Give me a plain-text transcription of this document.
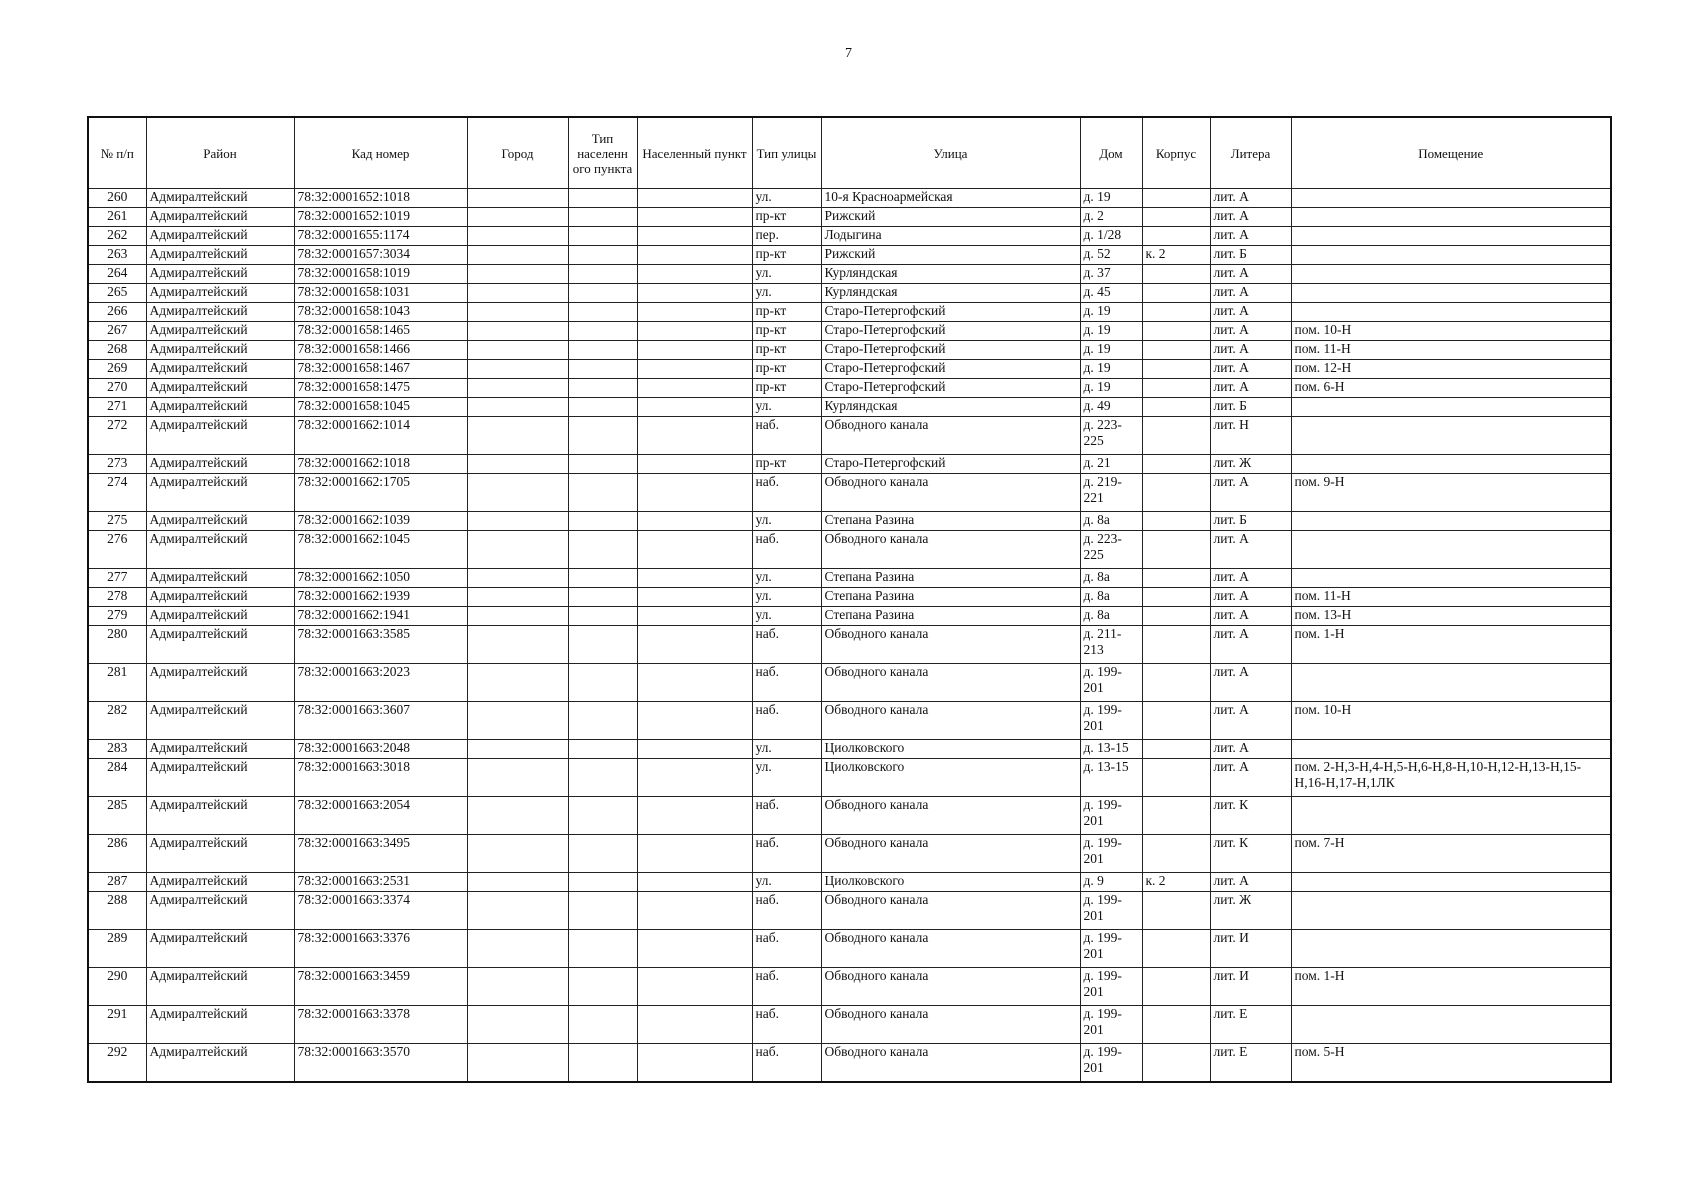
7
№ п/п	Район	Кад номер	Город	Тип населенн ого пункта	Населенный пункт	Тип улицы	Улица	Дом	Корпус	Литера	Помещение
260	Адмиралтейский	78:32:0001652:1018				ул.	10-я Красноармейская	д. 19		лит. А	
261	Адмиралтейский	78:32:0001652:1019				пр-кт	Рижский	д. 2		лит. А	
262	Адмиралтейский	78:32:0001655:1174				пер.	Лодыгина	д. 1/28		лит. А	
263	Адмиралтейский	78:32:0001657:3034				пр-кт	Рижский	д. 52	к. 2	лит. Б	
264	Адмиралтейский	78:32:0001658:1019				ул.	Курляндская	д. 37		лит. А	
265	Адмиралтейский	78:32:0001658:1031				ул.	Курляндская	д. 45		лит. А	
266	Адмиралтейский	78:32:0001658:1043				пр-кт	Старо-Петергофский	д. 19		лит. А	
267	Адмиралтейский	78:32:0001658:1465				пр-кт	Старо-Петергофский	д. 19		лит. А	пом. 10-Н
268	Адмиралтейский	78:32:0001658:1466				пр-кт	Старо-Петергофский	д. 19		лит. А	пом. 11-Н
269	Адмиралтейский	78:32:0001658:1467				пр-кт	Старо-Петергофский	д. 19		лит. А	пом. 12-Н
270	Адмиралтейский	78:32:0001658:1475				пр-кт	Старо-Петергофский	д. 19		лит. А	пом. 6-Н
271	Адмиралтейский	78:32:0001658:1045				ул.	Курляндская	д. 49		лит. Б	
272	Адмиралтейский	78:32:0001662:1014				наб.	Обводного канала	д. 223-225		лит. Н	
273	Адмиралтейский	78:32:0001662:1018				пр-кт	Старо-Петергофский	д. 21		лит. Ж	
274	Адмиралтейский	78:32:0001662:1705				наб.	Обводного канала	д. 219-221		лит. А	пом. 9-Н
275	Адмиралтейский	78:32:0001662:1039				ул.	Степана Разина	д. 8а		лит. Б	
276	Адмиралтейский	78:32:0001662:1045				наб.	Обводного канала	д. 223-225		лит. А	
277	Адмиралтейский	78:32:0001662:1050				ул.	Степана Разина	д. 8а		лит. А	
278	Адмиралтейский	78:32:0001662:1939				ул.	Степана Разина	д. 8а		лит. А	пом. 11-Н
279	Адмиралтейский	78:32:0001662:1941				ул.	Степана Разина	д. 8а		лит. А	пом. 13-Н
280	Адмиралтейский	78:32:0001663:3585				наб.	Обводного канала	д. 211-213		лит. А	пом. 1-Н
281	Адмиралтейский	78:32:0001663:2023				наб.	Обводного канала	д. 199-201		лит. А	
282	Адмиралтейский	78:32:0001663:3607				наб.	Обводного канала	д. 199-201		лит. А	пом. 10-Н
283	Адмиралтейский	78:32:0001663:2048				ул.	Циолковского	д. 13-15		лит. А	
284	Адмиралтейский	78:32:0001663:3018				ул.	Циолковского	д. 13-15		лит. А	пом. 2-Н,3-Н,4-Н,5-Н,6-Н,8-Н,10-Н,12-Н,13-Н,15-Н,16-Н,17-Н,1ЛК
285	Адмиралтейский	78:32:0001663:2054				наб.	Обводного канала	д. 199-201		лит. К	
286	Адмиралтейский	78:32:0001663:3495				наб.	Обводного канала	д. 199-201		лит. К	пом. 7-Н
287	Адмиралтейский	78:32:0001663:2531				ул.	Циолковского	д. 9	к. 2	лит. А	
288	Адмиралтейский	78:32:0001663:3374				наб.	Обводного канала	д. 199-201		лит. Ж	
289	Адмиралтейский	78:32:0001663:3376				наб.	Обводного канала	д. 199-201		лит. И	
290	Адмиралтейский	78:32:0001663:3459				наб.	Обводного канала	д. 199-201		лит. И	пом. 1-Н
291	Адмиралтейский	78:32:0001663:3378				наб.	Обводного канала	д. 199-201		лит. Е	
292	Адмиралтейский	78:32:0001663:3570				наб.	Обводного канала	д. 199-201		лит. Е	пом. 5-Н
